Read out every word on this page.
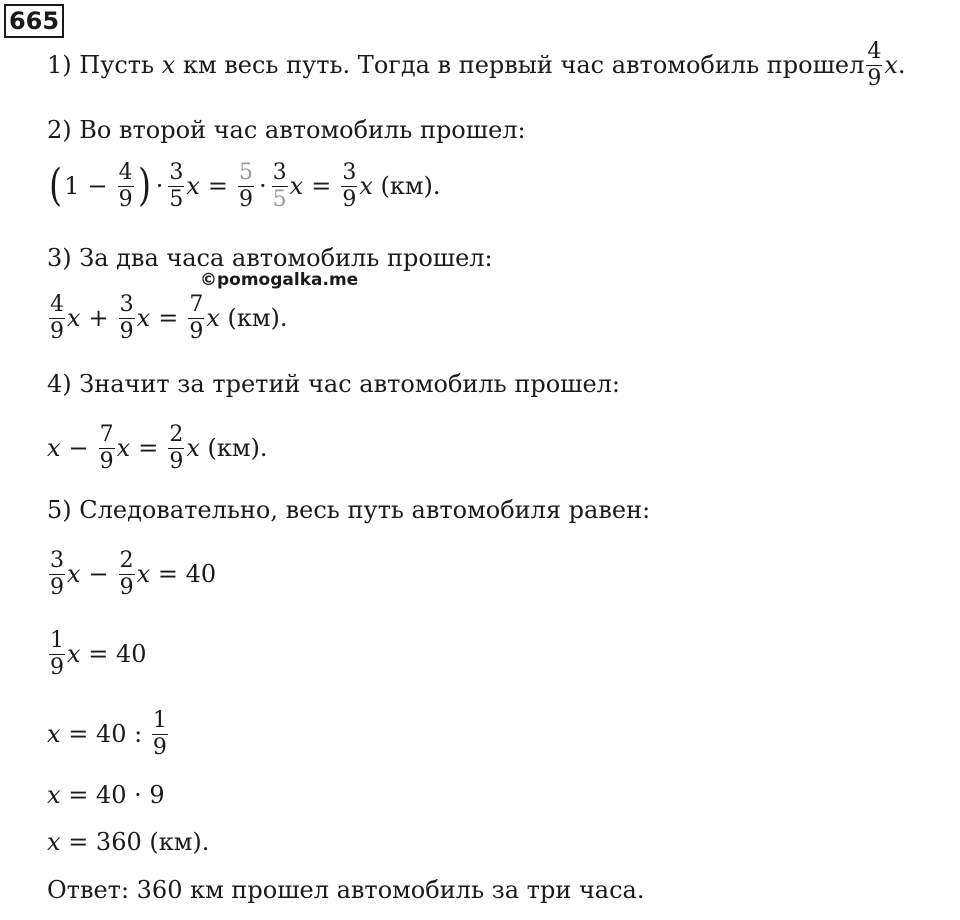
665
1) Пусть
x
км весь путь. Тогда в первый час автомобиль прошел $\frac{4}{9}$ x .
2) Во второй час автомобиль прошел:
( $1 - \frac{4}{9}$ ) · $\frac{3}{5}$ $x = \frac{5}{9} \cdot \frac{3}{5}$ $x = \frac{3}{9}$ x
(км).
3) За два часа автомобиль прошел:
©pomogalka.me
$\frac{4}{9}$ $x + \frac{3}{9}$ $x = \frac{7}{9}$ x
(км).
4) Значит за третий час автомобиль прошел:
$x - \frac{7}{9}$ $x = \frac{2}{9}$ x
(км).
5) Следовательно, весь путь автомобиля равен:
$\frac{3}{9}$ $x - \frac{2}{9}$ x
= 40
$\frac{1}{9}$ x
= 40
x
= 40 :
$\frac{1}{9}$
x
= 40 · 9
x
= 360 (км).
Ответ: 360 км прошел автомобиль за три часа.
